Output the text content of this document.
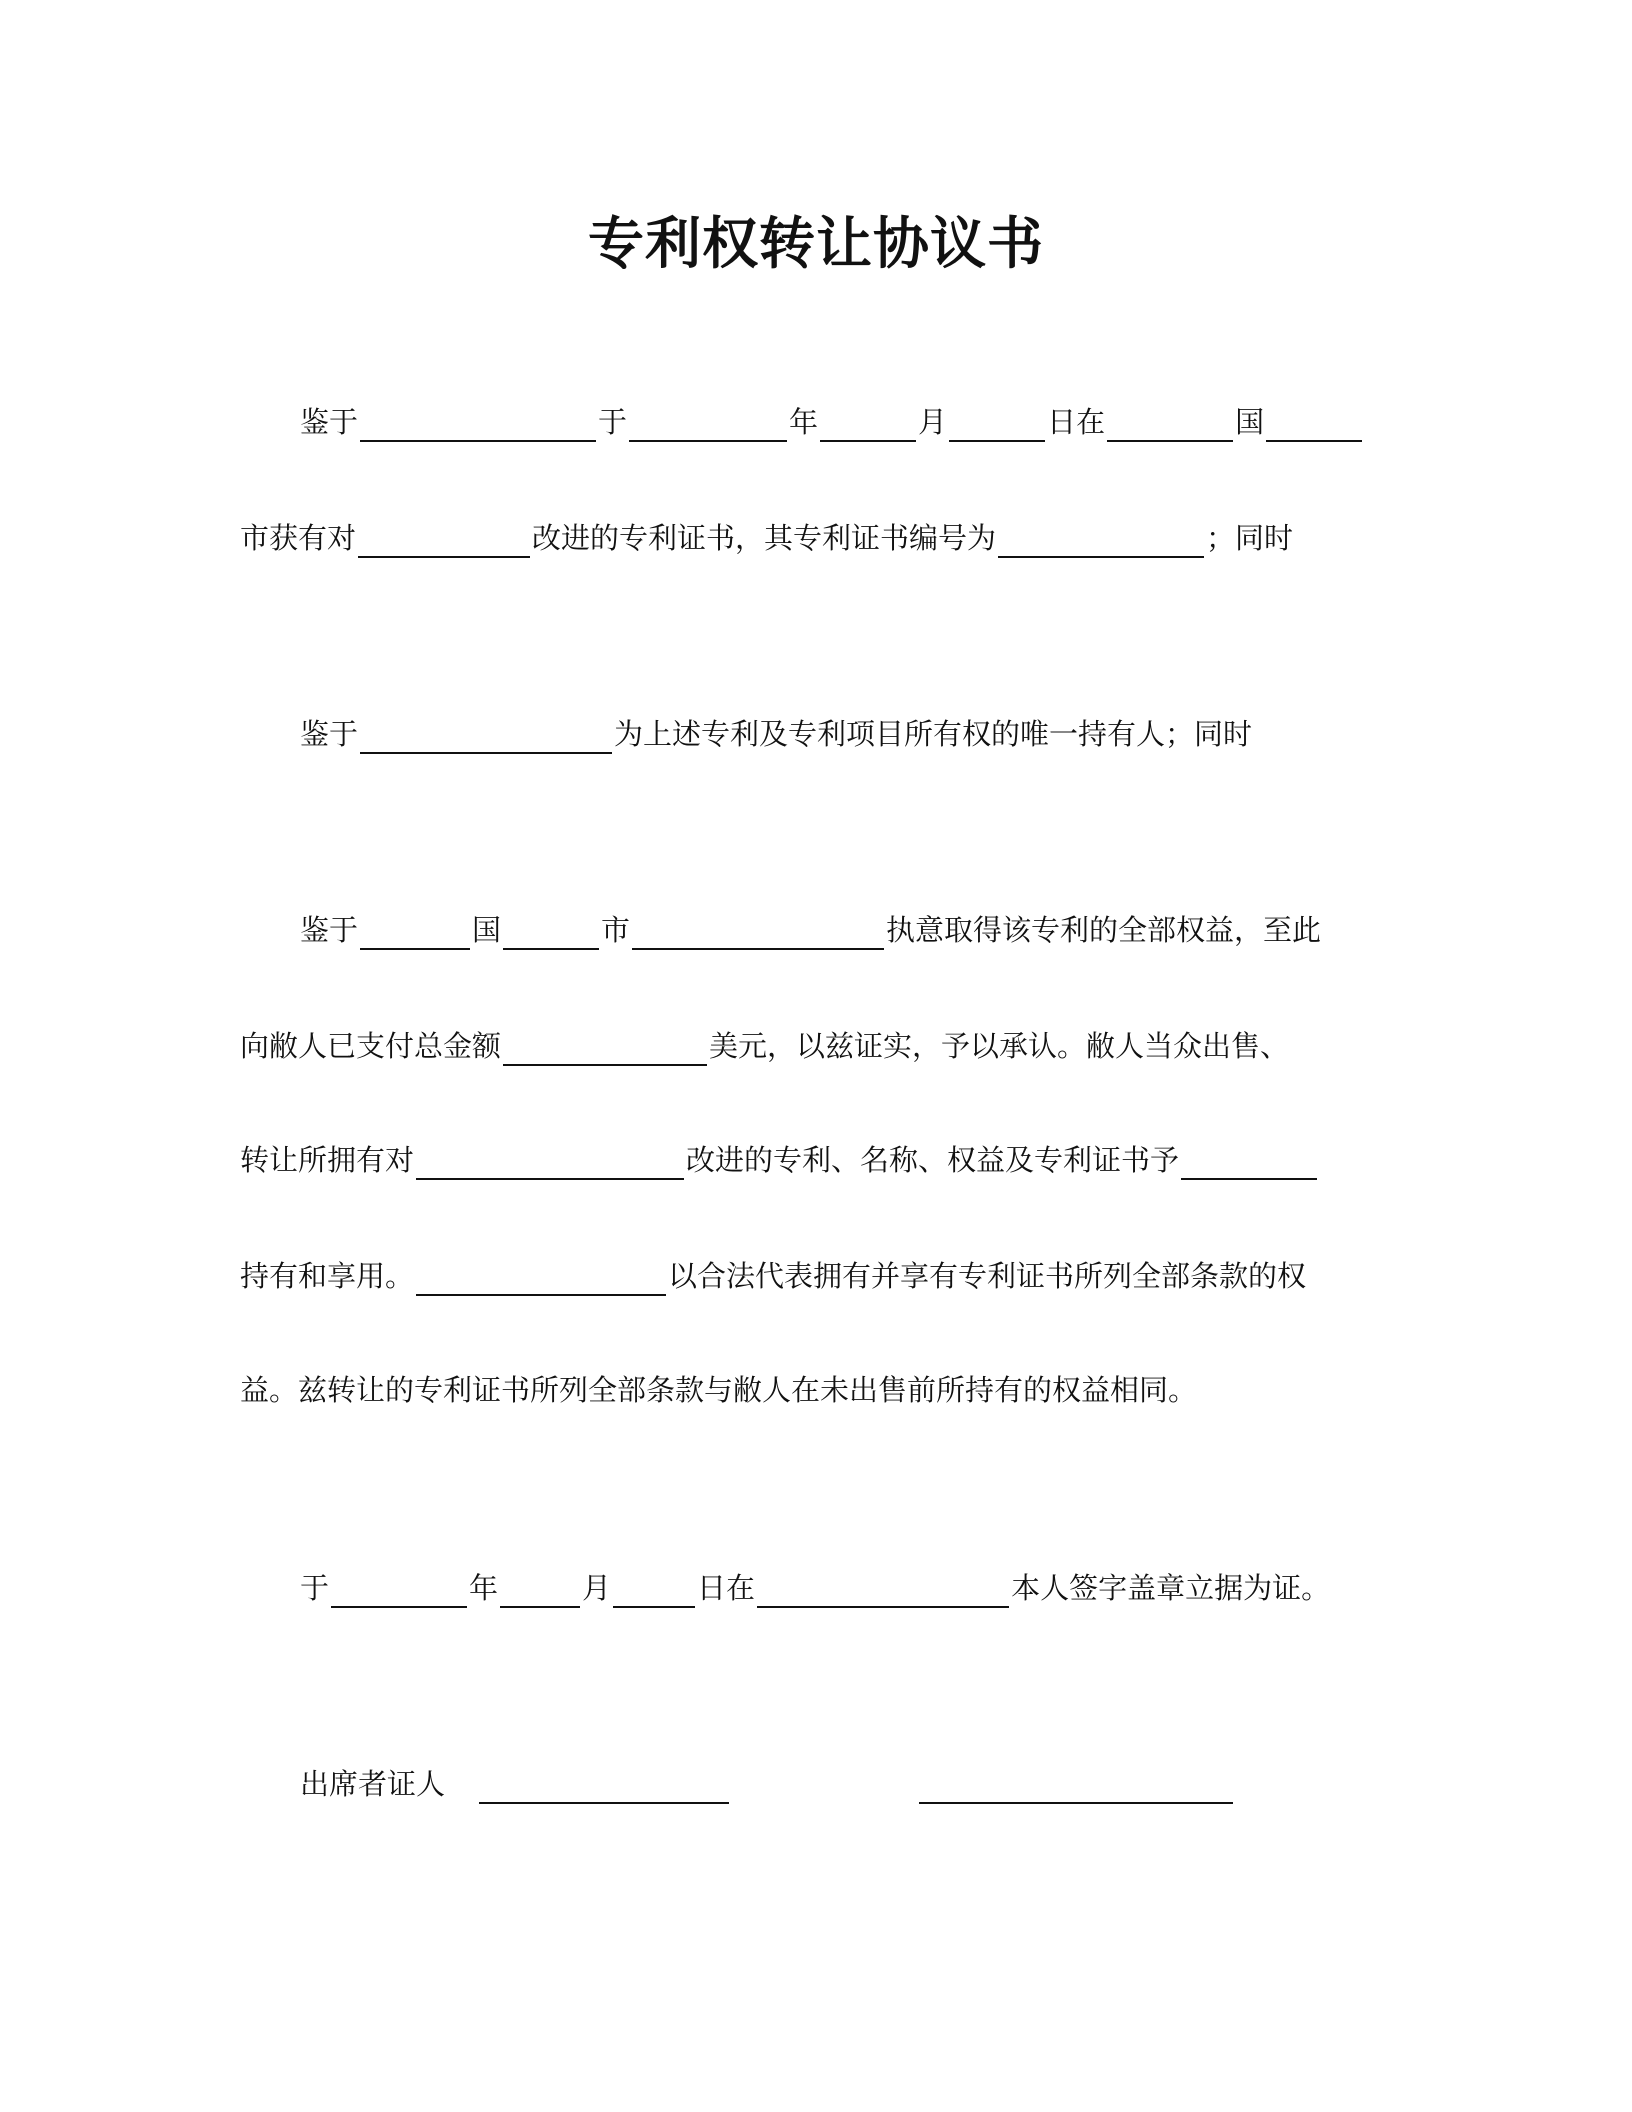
专利权转让协议书
鉴于	于	年	月	日在	国
市获有对	改进的专利证书，其专利证书编号为	；同时
鉴于	为上述专利及专利项目所有权的唯一持有人；同时
鉴于	国	市	执意取得该专利的全部权益，至此
向敝人已支付总金额	美元，以兹证实，予以承认。敝人当众出售、
转让所拥有对	改进的专利、名称、权益及专利证书予
持有和享用。	以合法代表拥有并享有专利证书所列全部条款的权
益。兹转让的专利证书所列全部条款与敝人在未出售前所持有的权益相同。
于	年	月	日在	本人签字盖章立据为证。
出席者证人
